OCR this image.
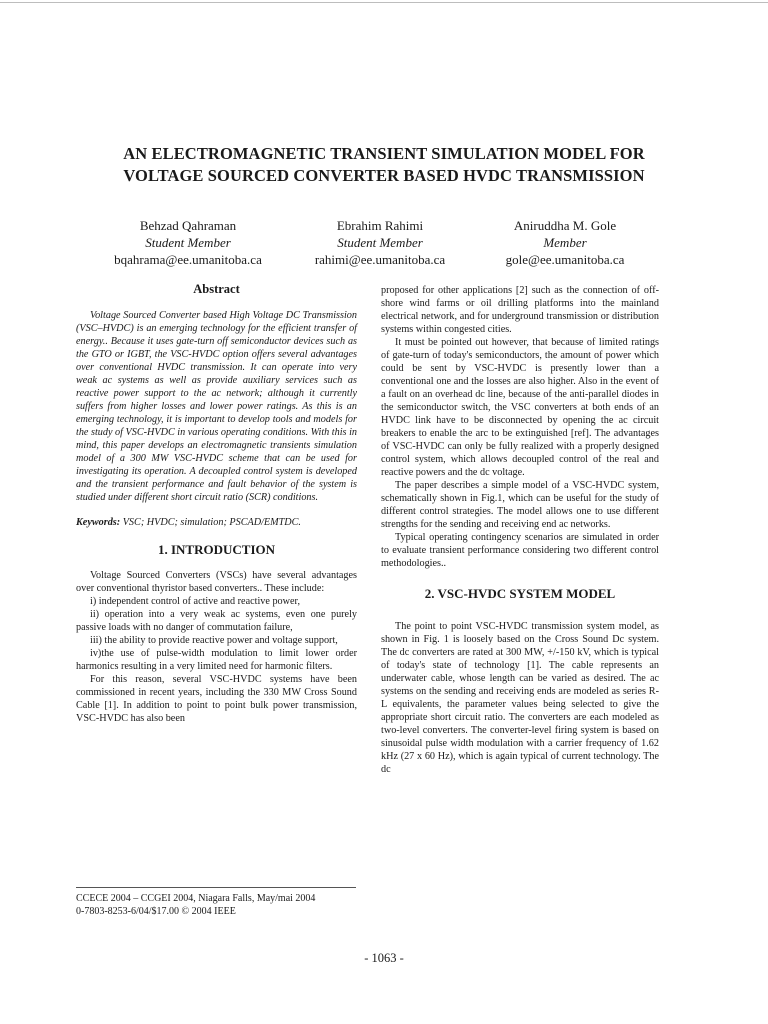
AN ELECTROMAGNETIC TRANSIENT SIMULATION MODEL FOR
VOLTAGE SOURCED CONVERTER BASED HVDC TRANSMISSION
Behzad Qahraman
Student Member
bqahrama@ee.umanitoba.ca
Ebrahim Rahimi
Student Member
rahimi@ee.umanitoba.ca
Aniruddha M. Gole
Member
gole@ee.umanitoba.ca
Abstract

Voltage Sourced Converter based High Voltage DC Transmission (VSC–HVDC) is an emerging technology for the efficient transfer of energy.. Because it uses gate-turn off semiconductor devices such as the GTO or IGBT, the VSC-HVDC option offers several advantages over conventional HVDC transmission. It can operate into very weak ac systems as well as provide auxiliary services such as reactive power support to the ac network; although it currently suffers from higher losses and lower power ratings. As this is an emerging technology, it is important to develop tools and models for the study of VSC-HVDC in various operating conditions. With this in mind, this paper develops an electromagnetic transients simulation model of a 300 MW VSC-HVDC scheme that can be used for investigating its operation. A decoupled control system is developed and the transient performance and fault behavior of the system is studied under different short circuit ratio (SCR) conditions.

Keywords: VSC; HVDC; simulation; PSCAD/EMTDC.

1. INTRODUCTION

Voltage Sourced Converters (VSCs) have several advantages over conventional thyristor based converters.. These include:

i) independent control of active and reactive power,

ii) operation into a very weak ac systems, even one purely passive loads with no danger of commutation failure,

iii) the ability to provide reactive power and voltage support,

iv)the use of pulse-width modulation to limit lower order harmonics resulting in a very limited need for harmonic filters.

For this reason, several VSC-HVDC systems have been commissioned in recent years, including the 330 MW Cross Sound Cable [1]. In addition to point to point bulk power transmission, VSC-HVDC has also been

proposed for other applications [2] such as the connection of off-shore wind farms or oil drilling platforms into the mainland electrical network, and for underground transmission or distribution systems within congested cities.

It must be pointed out however, that because of limited ratings of gate-turn of today's semiconductors, the amount of power which could be sent by VSC-HVDC is presently lower than a conventional one and the losses are also higher. Also in the event of a fault on an overhead dc line, because of the anti-parallel diodes in the semiconductor switch, the VSC converters at both ends of an HVDC link have to be disconnected by opening the ac circuit breakers to enable the arc to be extinguished [ref]. The advantages of VSC-HVDC can only be fully realized with a properly designed control system, which allows decoupled control of the real and reactive powers and the dc voltage.

The paper describes a simple model of a VSC-HVDC system, schematically shown in Fig.1, which can be useful for the study of different control strategies. The model allows one to use different strengths for the sending and receiving end ac networks.

Typical operating contingency scenarios are simulated in order to evaluate transient performance considering two different control methodologies..

2. VSC-HVDC SYSTEM MODEL

The point to point VSC-HVDC transmission system model, as shown in Fig. 1 is loosely based on the Cross Sound Dc system. The dc converters are rated at 300 MW, +/-150 kV, which is typical of today's state of technology [1]. The cable represents an underwater cable, whose length can be varied as desired. The ac systems on the sending and receiving ends are modeled as series R-L equivalents, the parameter values being selected to give the appropriate short circuit ratio. The converters are each modeled as two-level converters. The converter-level firing system is based on sinusoidal pulse width modulation with a carrier frequency of 1.62 kHz (27 x 60 Hz), which is again typical of current technology. The dc

CCECE 2004 – CCGEI 2004, Niagara Falls, May/mai 2004
0-7803-8253-6/04/$17.00 © 2004 IEEE
- 1063 -
